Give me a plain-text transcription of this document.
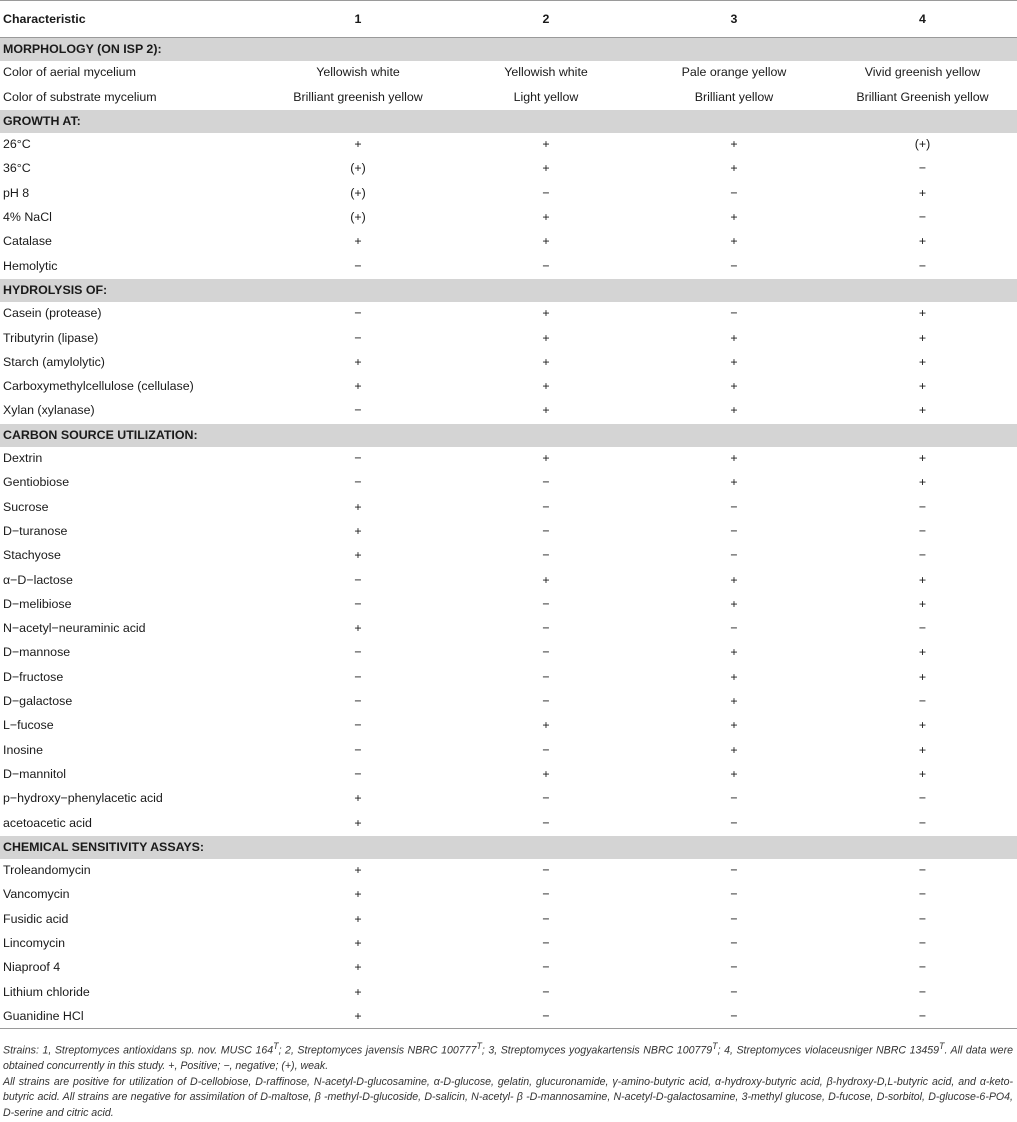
Characteristic	1	2	3	4
MORPHOLOGY (ON ISP 2):				
Color of aerial mycelium	Yellowish white	Yellowish white	Pale orange yellow	Vivid greenish yellow
Color of substrate mycelium	Brilliant greenish yellow	Light yellow	Brilliant yellow	Brilliant Greenish yellow
GROWTH AT:				
26°C	+	+	+	(+)
36°C	(+)	+	+	−
pH 8	(+)	−	−	+
4% NaCl	(+)	+	+	−
Catalase	+	+	+	+
Hemolytic	−	−	−	−
HYDROLYSIS OF:				
Casein (protease)	−	+	−	+
Tributyrin (lipase)	−	+	+	+
Starch (amylolytic)	+	+	+	+
Carboxymethylcellulose (cellulase)	+	+	+	+
Xylan (xylanase)	−	+	+	+
CARBON SOURCE UTILIZATION:				
Dextrin	−	+	+	+
Gentiobiose	−	−	+	+
Sucrose	+	−	−	−
D−turanose	+	−	−	−
Stachyose	+	−	−	−
α−D−lactose	−	+	+	+
D−melibiose	−	−	+	+
N−acetyl−neuraminic acid	+	−	−	−
D−mannose	−	−	+	+
D−fructose	−	−	+	+
D−galactose	−	−	+	−
L−fucose	−	+	+	+
Inosine	−	−	+	+
D−mannitol	−	+	+	+
p−hydroxy−phenylacetic acid	+	−	−	−
acetoacetic acid	+	−	−	−
CHEMICAL SENSITIVITY ASSAYS:				
Troleandomycin	+	−	−	−
Vancomycin	+	−	−	−
Fusidic acid	+	−	−	−
Lincomycin	+	−	−	−
Niaproof 4	+	−	−	−
Lithium chloride	+	−	−	−
Guanidine HCl	+	−	−	−

Strains: 1, Streptomyces antioxidans sp. nov. MUSC $164^T$; 2, Streptomyces javensis NBRC $100777^T$; 3, Streptomyces yogyakartensis NBRC $100779^T$; 4, Streptomyces violaceusniger NBRC $13459^T$. All data were obtained concurrently in this study. +, Positive; −, negative; (+), weak.

All strains are positive for utilization of D-cellobiose, D-raffinose, N-acetyl-D-glucosamine, α-D-glucose, gelatin, glucuronamide, γ-amino-butyric acid, α-hydroxy-butyric acid, β-hydroxy-D,L-butyric acid, and α-keto-butyric acid. All strains are negative for assimilation of D-maltose, β -methyl-D-glucoside, D-salicin, N-acetyl- β -D-mannosamine, N-acetyl-D-galactosamine, 3-methyl glucose, D-fucose, D-sorbitol, D-glucose-6-PO4, D-serine and citric acid.
